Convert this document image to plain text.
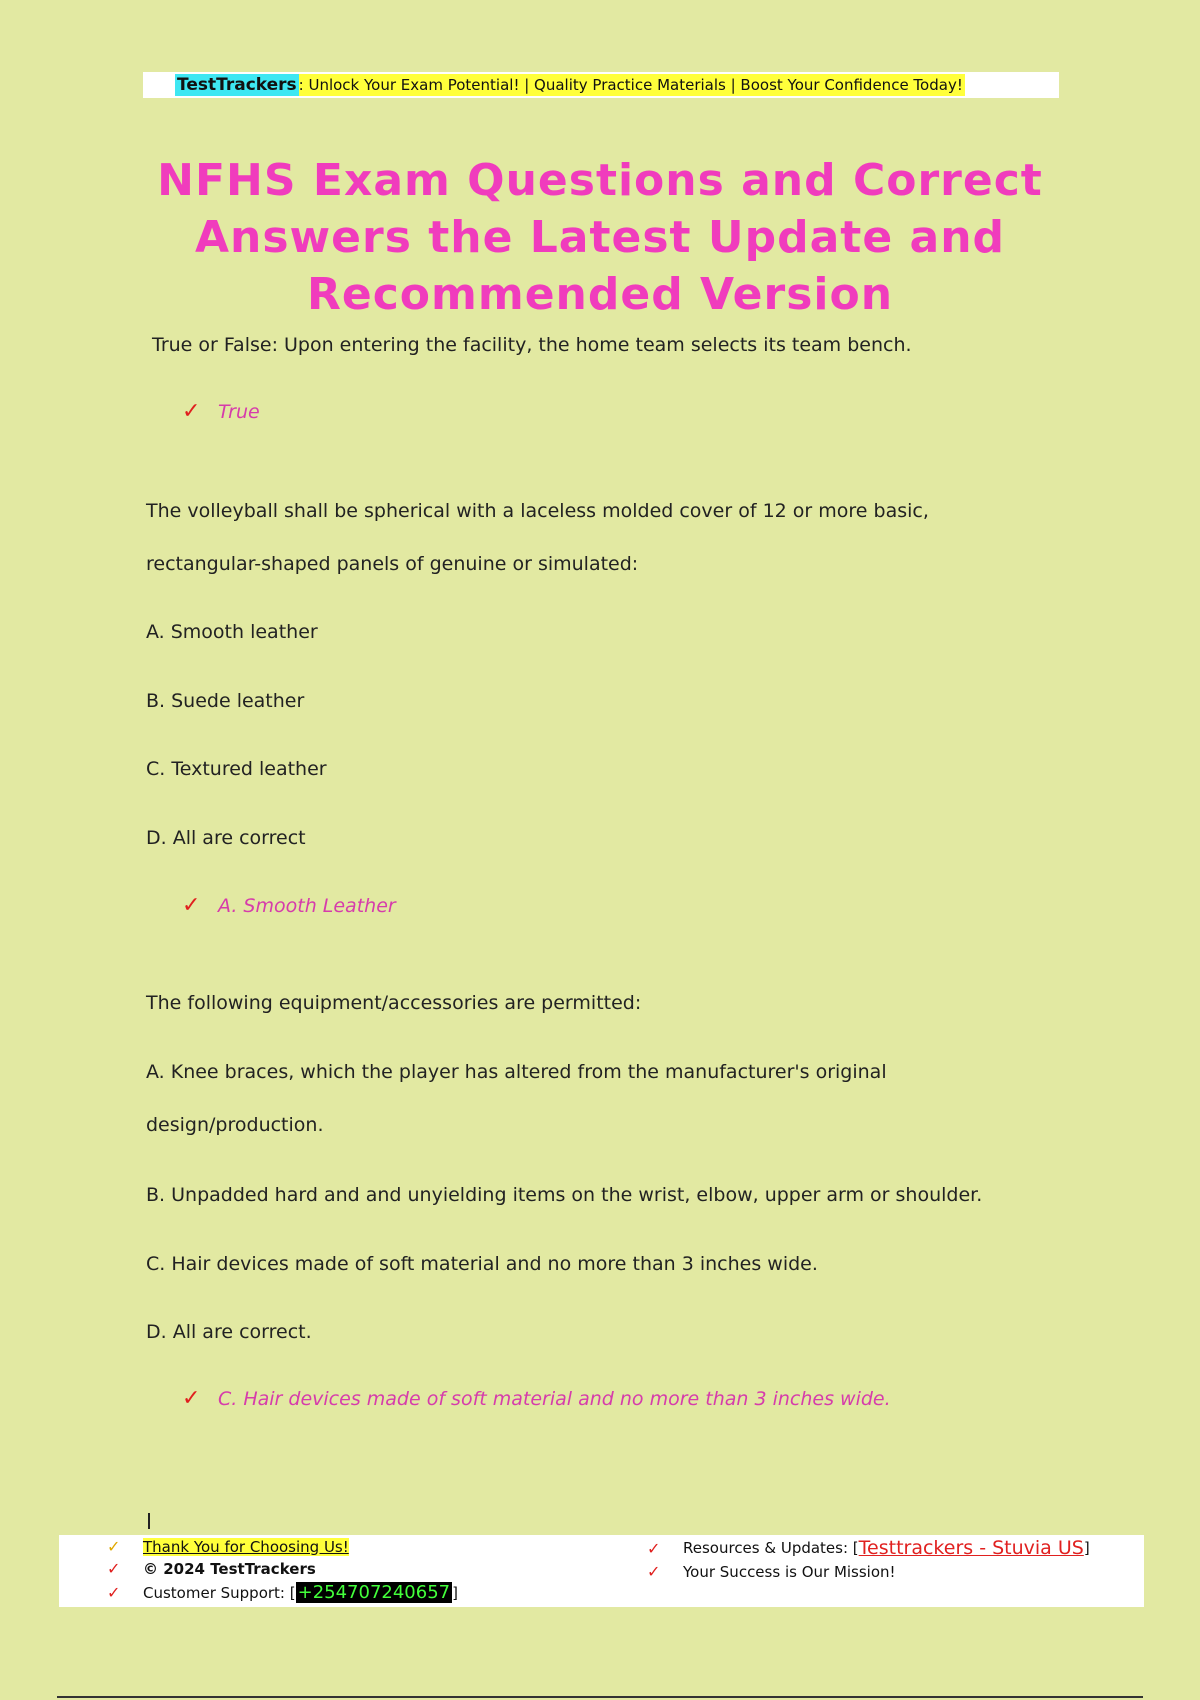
TestTrackers : Unlock Your Exam Potential! | Quality Practice Materials | Boost Your Confidence Today!
NFHS Exam Questions and Correct Answers the Latest Update and Recommended Version
True or False: Upon entering the facility, the home team selects its team bench.
✓ True
The volleyball shall be spherical with a laceless molded cover of 12 or more basic,
rectangular-shaped panels of genuine or simulated:
A. Smooth leather
B. Suede leather
C. Textured leather
D. All are correct
✓ A. Smooth Leather
The following equipment/accessories are permitted:
A. Knee braces, which the player has altered from the manufacturer's original
design/production.
B. Unpadded hard and and unyielding items on the wrist, elbow, upper arm or shoulder.
C. Hair devices made of soft material and no more than 3 inches wide.
D. All are correct.
✓ C. Hair devices made of soft material and no more than 3 inches wide.
✓	Thank You for Choosing Us!
✓	© 2024 TestTrackers
✓	Customer Support: [ +254707240657 ]
✓	Resources & Updates: [ Testtrackers - Stuvia US ]
✓	Your Success is Our Mission!
